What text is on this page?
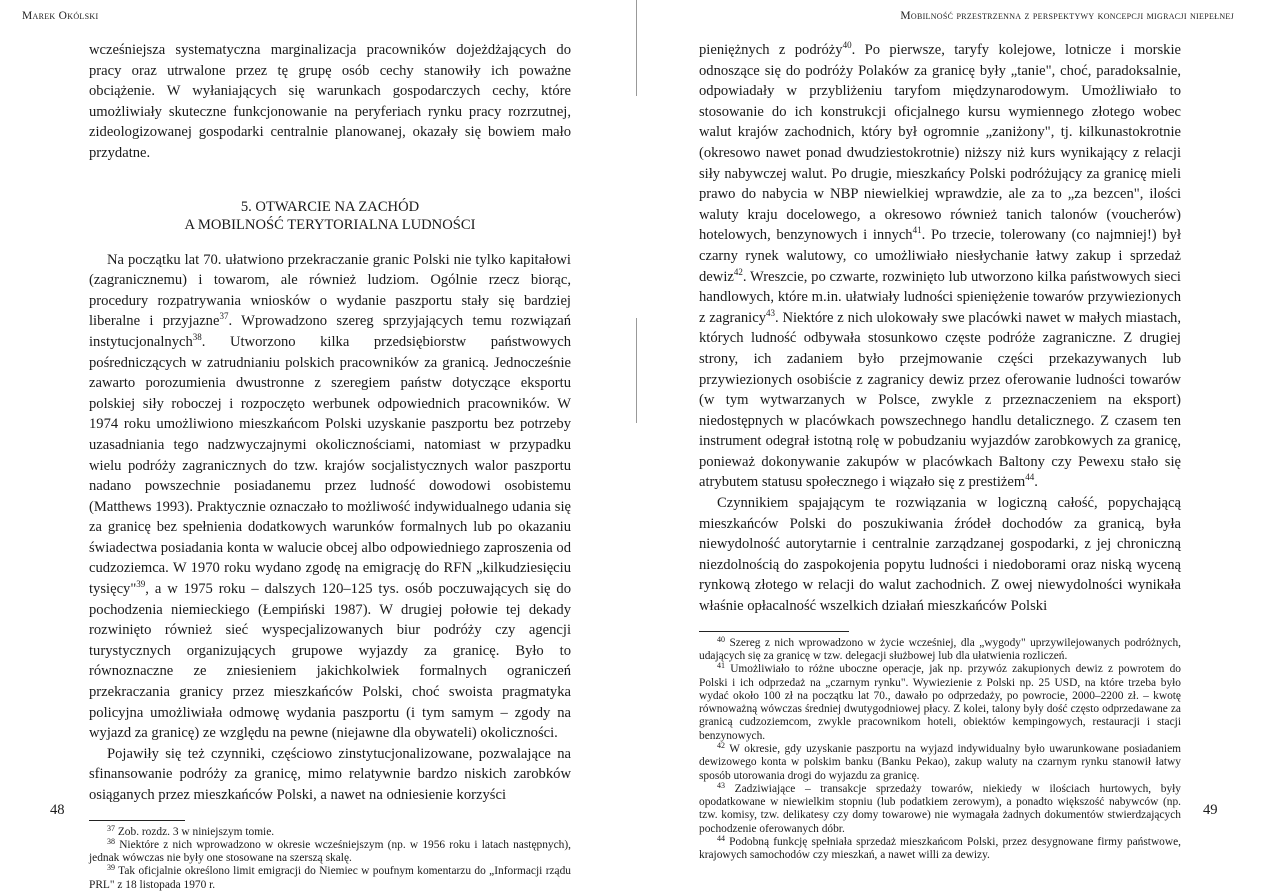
Marek Okólski	Mobilność przestrzenna z perspektywy koncepcji migracji niepełnej

wcześniejsza systematyczna marginalizacja pracowników dojeżdżających do pracy oraz utrwalone przez tę grupę osób cechy stanowiły ich poważne obciążenie. W wyłaniających się warunkach gospodarczych cechy, które umożliwiały skuteczne funkcjonowanie na peryferiach rynku pracy rozrzutnej, zideologizowanej gospodarki centralnie planowanej, okazały się bowiem mało przydatne.

5. OTWARCIE NA ZACHÓD
A MOBILNOŚĆ TERYTORIALNA LUDNOŚCI

Na początku lat 70. ułatwiono przekraczanie granic Polski nie tylko kapitałowi (zagranicznemu) i towarom, ale również ludziom. Ogólnie rzecz biorąc, procedury rozpatrywania wniosków o wydanie paszportu stały się bardziej liberalne i przyjazne$^{37}$. Wprowadzono szereg sprzyjających temu rozwiązań instytucjonalnych$^{38}$. Utworzono kilka przedsiębiorstw państwowych pośredniczących w zatrudnianiu polskich pracowników za granicą. Jednocześnie zawarto porozumienia dwustronne z szeregiem państw dotyczące eksportu polskiej siły roboczej i rozpoczęto werbunek odpowiednich pracowników. W 1974 roku umożliwiono mieszkańcom Polski uzyskanie paszportu bez potrzeby uzasadniania tego nadzwyczajnymi okolicznościami, natomiast w przypadku wielu podróży zagranicznych do tzw. krajów socjalistycznych walor paszportu nadano powszechnie posiadanemu przez ludność dowodowi osobistemu (Matthews 1993). Praktycznie oznaczało to możliwość indywidualnego udania się za granicę bez spełnienia dodatkowych warunków formalnych lub po okazaniu świadectwa posiadania konta w walucie obcej albo odpowiedniego zaproszenia od cudzoziemca. W 1970 roku wydano zgodę na emigrację do RFN „kilkudziesięciu tysięcy"$^{39}$, a w 1975 roku – dalszych 120–125 tys. osób poczuwających się do pochodzenia niemieckiego (Łempiński 1987). W drugiej połowie tej dekady rozwinięto również sieć wyspecjalizowanych biur podróży czy agencji turystycznych organizujących grupowe wyjazdy za granicę. Było to równoznaczne ze zniesieniem jakichkolwiek formalnych ograniczeń przekraczania granicy przez mieszkańców Polski, choć swoista pragmatyka policyjna umożliwiała odmowę wydania paszportu (i tym samym – zgody na wyjazd za granicę) ze względu na pewne (niejawne dla obywateli) okoliczności.

Pojawiły się też czynniki, częściowo zinstytucjonalizowane, pozwalające na sfinansowanie podróży za granicę, mimo relatywnie bardzo niskich zarobków osiąganych przez mieszkańców Polski, a nawet na odniesienie korzyści

$^{37}$ Zob. rozdz. 3 w niniejszym tomie.

$^{38}$ Niektóre z nich wprowadzono w okresie wcześniejszym (np. w 1956 roku i latach następnych), jednak wówczas nie były one stosowane na szerszą skalę.

$^{39}$ Tak oficjalnie określono limit emigracji do Niemiec w poufnym komentarzu do „Informacji rządu PRL" z 18 listopada 1970 r.

pieniężnych z podróży$^{40}$. Po pierwsze, taryfy kolejowe, lotnicze i morskie odnoszące się do podróży Polaków za granicę były „tanie", choć, paradoksalnie, odpowiadały w przybliżeniu taryfom międzynarodowym. Umożliwiało to stosowanie do ich konstrukcji oficjalnego kursu wymiennego złotego wobec walut krajów zachodnich, który był ogromnie „zaniżony", tj. kilkunastokrotnie (okresowo nawet ponad dwudziestokrotnie) niższy niż kurs wynikający z relacji siły nabywczej walut. Po drugie, mieszkańcy Polski podróżujący za granicę mieli prawo do nabycia w NBP niewielkiej wprawdzie, ale za to „za bezcen", ilości waluty kraju docelowego, a okresowo również tanich talonów (voucherów) hotelowych, benzynowych i innych$^{41}$. Po trzecie, tolerowany (co najmniej!) był czarny rynek walutowy, co umożliwiało niesłychanie łatwy zakup i sprzedaż dewiz$^{42}$. Wreszcie, po czwarte, rozwinięto lub utworzono kilka państwowych sieci handlowych, które m.in. ułatwiały ludności spieniężenie towarów przywiezionych z zagranicy$^{43}$. Niektóre z nich ulokowały swe placówki nawet w małych miastach, których ludność odbywała stosunkowo częste podróże zagraniczne. Z drugiej strony, ich zadaniem było przejmowanie części przekazywanych lub przywiezionych osobiście z zagranicy dewiz przez oferowanie ludności towarów (w tym wytwarzanych w Polsce, zwykle z przeznaczeniem na eksport) niedostępnych w placówkach powszechnego handlu detalicznego. Z czasem ten instrument odegrał istotną rolę w pobudzaniu wyjazdów zarobkowych za granicę, ponieważ dokonywanie zakupów w placówkach Baltony czy Pewexu stało się atrybutem statusu społecznego i wiązało się z prestiżem$^{44}$.

Czynnikiem spajającym te rozwiązania w logiczną całość, popychającą mieszkańców Polski do poszukiwania źródeł dochodów za granicą, była niewydolność autorytarnie i centralnie zarządzanej gospodarki, z jej chroniczną niezdolnością do zaspokojenia popytu ludności i niedoborami oraz niską wyceną rynkową złotego w relacji do walut zachodnich. Z owej niewydolności wynikała właśnie opłacalność wszelkich działań mieszkańców Polski

$^{40}$ Szereg z nich wprowadzono w życie wcześniej, dla „wygody" uprzywilejowanych podróżnych, udających się za granicę w tzw. delegacji służbowej lub dla ułatwienia rozliczeń.

$^{41}$ Umożliwiało to różne uboczne operacje, jak np. przywóz zakupionych dewiz z powrotem do Polski i ich odprzedaż na „czarnym rynku". Wywiezienie z Polski np. 25 USD, na które trzeba było wydać około 100 zł na początku lat 70., dawało po odprzedaży, po powrocie, 2000–2200 zł. – kwotę równoważną wówczas średniej dwutygodniowej płacy. Z kolei, talony były dość często odprzedawane za granicą cudzoziemcom, zwykle pracownikom hoteli, obiektów kempingowych, restauracji i stacji benzynowych.

$^{42}$ W okresie, gdy uzyskanie paszportu na wyjazd indywidualny było uwarunkowane posiadaniem dewizowego konta w polskim banku (Banku Pekao), zakup waluty na czarnym rynku stanowił łatwy sposób utorowania drogi do wyjazdu za granicę.

$^{43}$ Zadziwiające – transakcje sprzedaży towarów, niekiedy w ilościach hurtowych, były opodatkowane w niewielkim stopniu (lub podatkiem zerowym), a ponadto większość nabywców (np. tzw. komisy, tzw. delikatesy czy domy towarowe) nie wymagała żadnych dokumentów stwierdzających pochodzenie oferowanych dóbr.

$^{44}$ Podobną funkcję spełniała sprzedaż mieszkańcom Polski, przez desygnowane firmy państwowe, krajowych samochodów czy mieszkań, a nawet willi za dewizy.

48	49
